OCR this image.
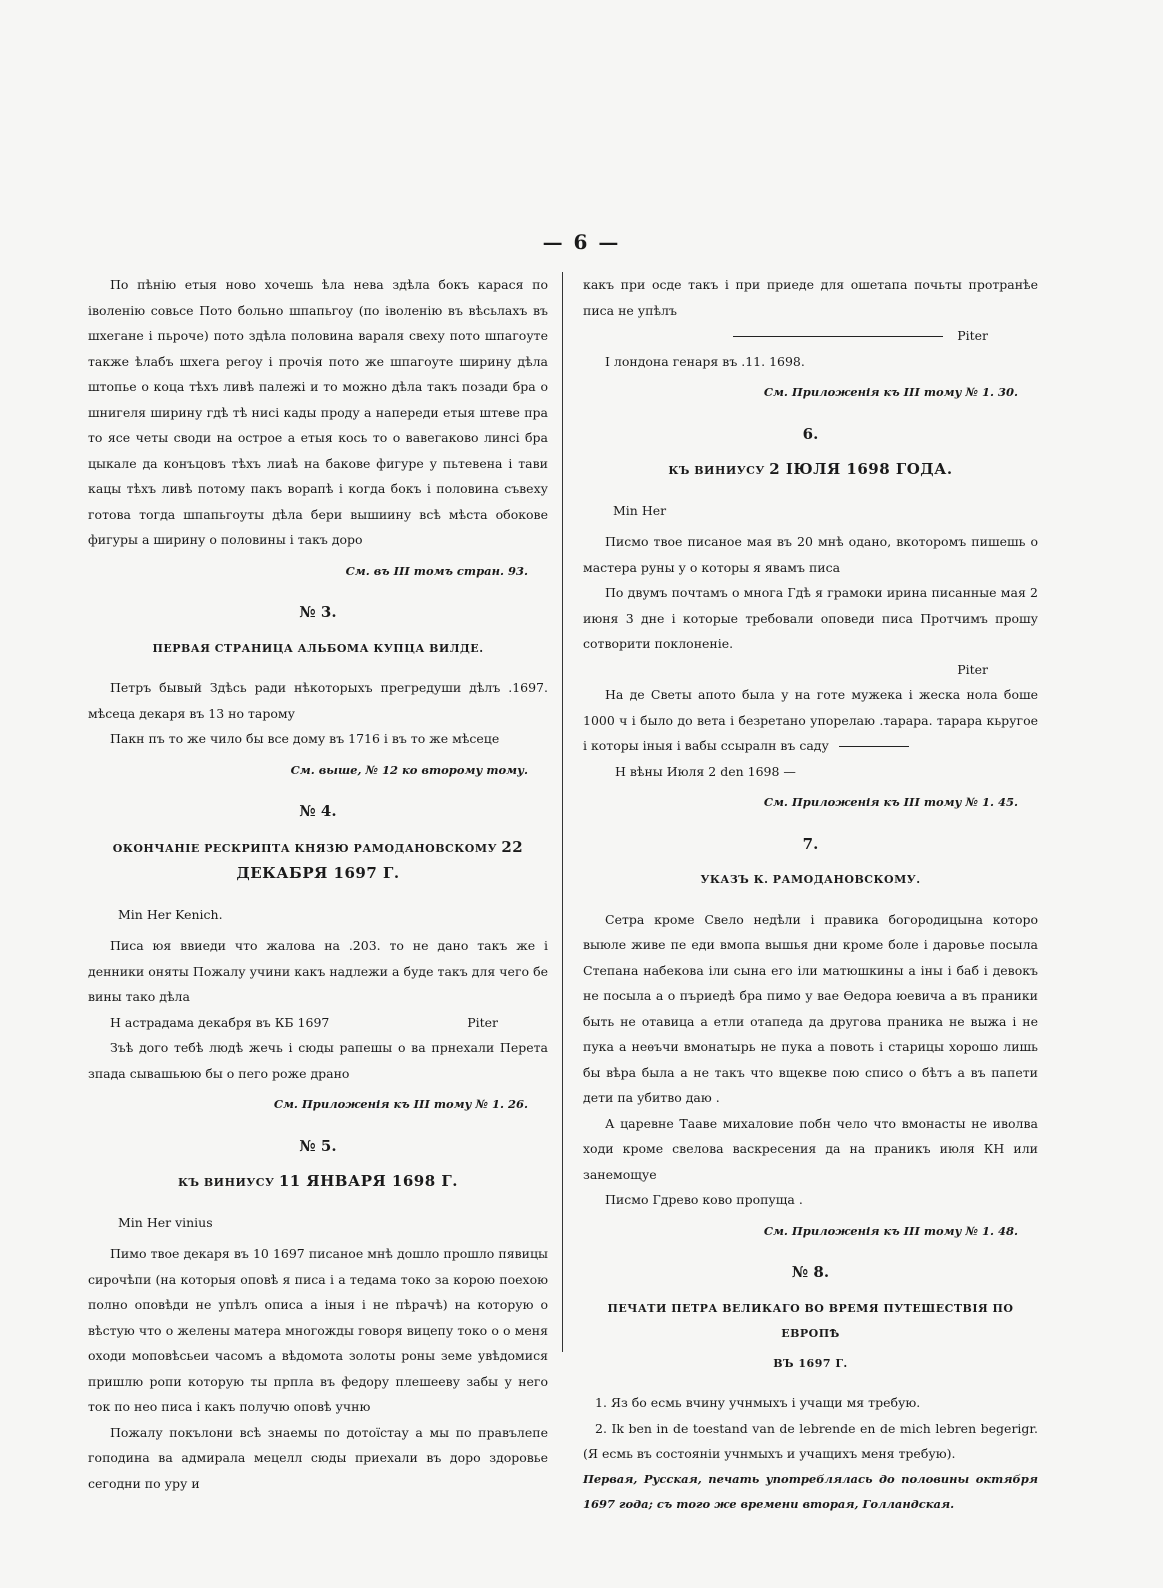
— 6 —

По пѣнію етыя ново хочешь ѣла нева здѣла бокъ карася по іволенію совьсе Пото больно шпапьгоу (по іволенію въ вѣсьлахъ въ шхегане і пьроче) пото здѣла половина вараля свеху пото шпагоуте также ѣлабъ шхега регоу і прочія пото же шпагоуте ширину дѣла штопье о коца тѣхъ ливѣ палежі и то можно дѣла такъ позади бра о шнигеля ширину гдѣ тѣ нисі кады проду а напереди етыя штеве пра то ясе четы своди на острое а етыя кось то о вавегаково линсі бра цыкале да конъцовъ тѣхъ лиаѣ на бакове фигуре у пьтевена і тави кацы тѣхъ ливѣ потому пакъ ворапѣ і когда бокъ і половина съвеху готова тогда шпапьгоуты дѣла бери вышиину всѣ мѣста обокове фигуры а ширину о половины і такъ доро

См. въ III томъ стран. 93.
№ 3.
ПЕРВАЯ СТРАНИЦА АЛЬБОМА КУПЦА ВИЛДЕ.

Петръ бывый Здѣсь ради нѣкоторыхъ прегредуши дѣлъ .1697. мѣсеца декаря въ 13 но тарому

Пакн пъ то же чило бы все дому въ 1716 і въ то же мѣсеце

См. выше, № 12 ко второму тому.
№ 4.
ОКОНЧАНІЕ РЕСКРИПТА КНЯЗЮ РАМОДАНОВСКОМУ 22 ДЕКАБРЯ 1697 Г.
Min Her Kenich.

Писа юя ввиеди что жалова на .203. то не дано такъ же і денники оняты Пожалу учини какъ надлежи а буде такъ для чего бе вины тако дѣла

Н астрадама декабря въ КБ 1697	Piter

Зъѣ дого тебѣ людѣ жечь і сюды рапешы о ва прнехали Перета зпада сывашьюю бы о пего роже драно

См. Приложенія къ III тому № 1. 26.
№ 5.
КЪ ВИНИУСУ 11 ЯНВАРЯ 1698 Г.
Min Her vinius

Пимо твое декаря въ 10 1697 писаное мнѣ дошло прошло пявицы сирочѣпи (на которыя оповѣ я писа і а тедама токо за корою поехою полно оповѣди не упѣлъ описа а іныя і не пѣрачѣ) на которую о вѣстую что о желены матера многожды говоря вицепу токо о о меня оходи моповѣсьеи часомъ а вѣдомота золоты роны земе увѣдомися пришлю ропи которую ты прпла въ федору плешееву забы у него ток по нео писа і какъ получю оповѣ учню

Пожалу покълони всѣ знаемы по дотоїстау а мы по правълепе гоподина ва адмирала мецелл сюды приехали въ доро здоровье сегодни по уру и

какъ при осде такъ і при приеде для ошетапа почьты протранѣе писа не упѣлъ

Piter

І лондона генаря въ .11. 1698.

См. Приложенія къ III тому № 1. 30.
6.
КЪ ВИНИУСУ 2 ІЮЛЯ 1698 ГОДА.
Min Her

Писмо твое писаное мая въ 20 мнѣ одано, вкоторомъ пишешь о мастера руны у о которы я явамъ писа

По двумъ почтамъ о многа Гдѣ я грамоки ирина писанные мая 2 июня 3 дне і которые требовали оповеди писа Протчимъ прошу сотворити поклоненіе.

Piter

На де Светы апото была у на готе мужека і жеска нола боше 1000 ч і было до вета і безретано упорелаю .тарара. тарара кьругое і которы іныя і вабы ссыралн въ саду

Н вѣны Июля 2 den 1698 —

См. Приложенія къ III тому № 1. 45.
7.
УКАЗЪ К. РАМОДАНОВСКОМУ.

Сетра кроме Свело недѣли і правика богородицына которо выюле живе пе еди вмопа вышья дни кроме боле і даровье посыла Степана набекова іли сына его іли матюшкины а іны і баб і девокъ не посыла а о пъриедѣ бра пимо у вае Ѳедора юевича а въ праники быть не отавица а етли отапеда да другова праника не выжа і не пука а неѳъчи вмонатырь не пука а повоть і старицы хорошо лишь бы вѣра была а не такъ что вщекве пою списо о бѣтъ а въ папети дети па убитво даю .

А царевне Тааве михаловие побн чело что вмонасты не иволва ходи кроме свелова васкресения да на праникъ июля КН или занемощуе

Писмо Гдрево ково пропуща .

См. Приложенія къ III тому № 1. 48.
№ 8.
ПЕЧАТИ ПЕТРА ВЕЛИКАГО ВО ВРЕМЯ ПУТЕШЕСТВІЯ ПО ЕВРОПѢ
ВЪ 1697 Г.

1. Яз бо есмь вчину учнмыхъ і учащи мя требую.

2. Ik ben in de toestand van de lebrende en de mich lebren begerigr. (Я есмь въ состояніи учнмыхъ и учащихъ меня требую).

Первая, Русская, печать употреблялась до половины октября 1697 года; съ того же времени вторая, Голландская.
